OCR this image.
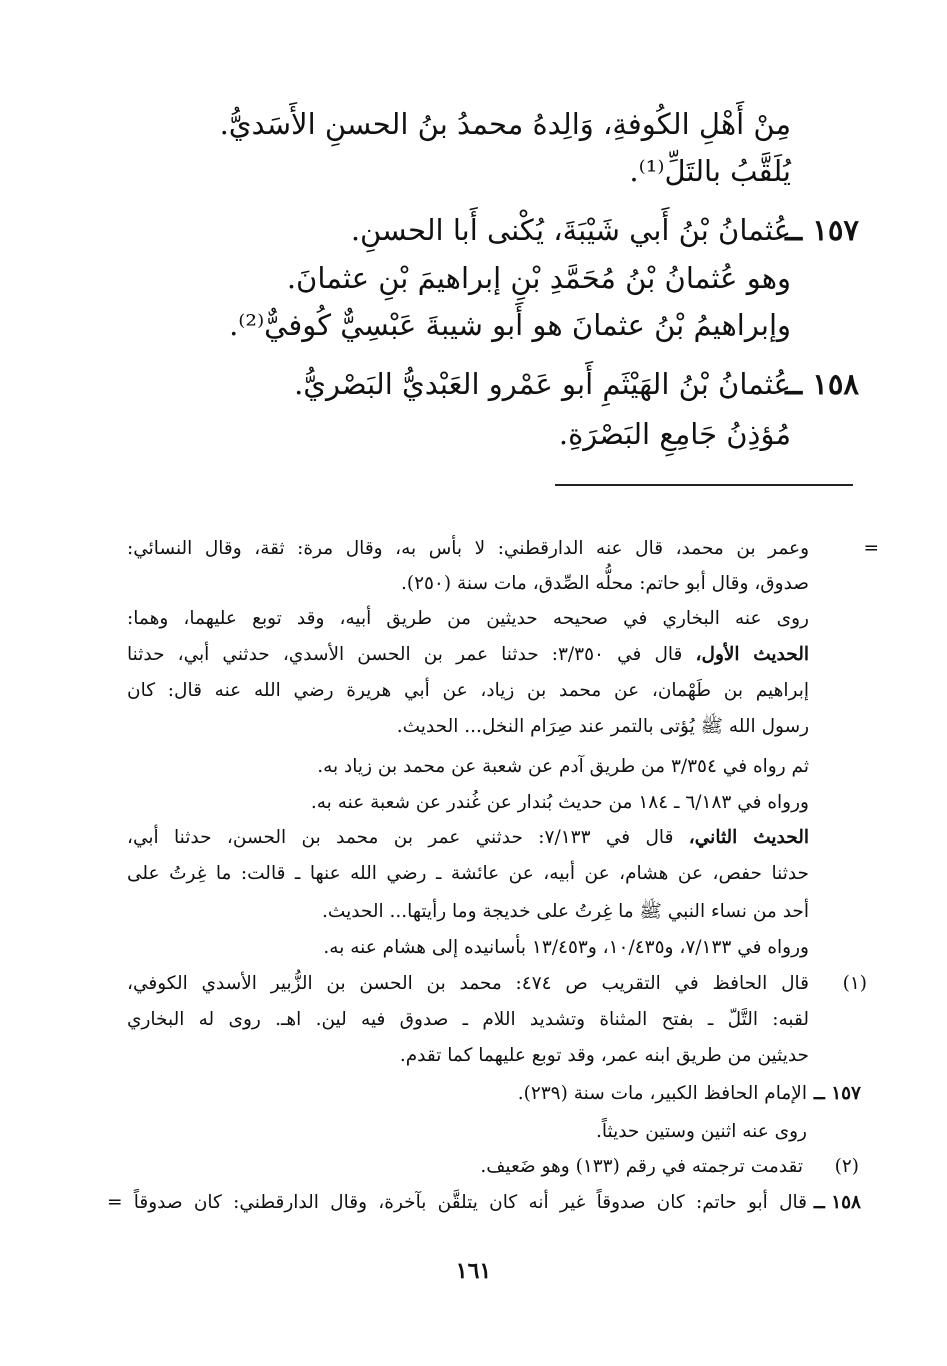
مِنْ أَهْلِ الكُوفةِ، وَالِدهُ محمدُ بنُ الحسنِ الأَسَديُّ.
يُلَقَّبُ بالتَلِّ⁽¹⁾.
١٥٧ ــ
عُثمانُ بْنُ أَبي شَيْبَةَ، يُكْنى أَبا الحسنِ.
وهو عُثمانُ بْنُ مُحَمَّدِ بْنِ إبراهيمَ بْنِ عثمانَ.
وإبراهيمُ بْنُ عثمانَ هو أَبو شيبةَ عَبْسِيٌّ كُوفيٌّ⁽²⁾.
١٥٨ ــ
عُثمانُ بْنُ الهَيْثَمِ أَبو عَمْرو العَبْديُّ البَصْريُّ.
مُؤذِنُ جَامِعِ البَصْرَةِ.
=
وعمر بن محمد، قال عنه الدارقطني: لا بأس به، وقال مرة: ثقة، وقال النسائي:
صدوق، وقال أبو حاتم: محلُّه الصِّدق، مات سنة (٢٥٠).
روى عنه البخاري في صحيحه حديثين من طريق أبيه، وقد توبع عليهما، وهما:
الحديث الأول، قال في ٣/٣٥٠: حدثنا عمر بن الحسن الأسدي، حدثني أبي، حدثنا
إبراهيم بن طَهْمان، عن محمد بن زياد، عن أبي هريرة رضي الله عنه قال: كان
رسول الله ﷺ يُؤتى بالتمر عند صِرَام النخل... الحديث.
ثم رواه في ٣/٣٥٤ من طريق آدم عن شعبة عن محمد بن زياد به.
ورواه في ٦/١٨٣ ـ ١٨٤ من حديث بُندار عن غُندر عن شعبة عنه به.
الحديث الثاني، قال في ٧/١٣٣: حدثني عمر بن محمد بن الحسن، حدثنا أبي،
حدثنا حفص، عن هشام، عن أبيه، عن عائشة ـ رضي الله عنها ـ قالت: ما غِرتُ على
أحد من نساء النبي ﷺ ما غِرتُ على خديجة وما رأيتها... الحديث.
ورواه في ٧/١٣٣، و١٠/٤٣٥، و١٣/٤٥٣ بأسانيده إلى هشام عنه به.
(١)
قال الحافظ في التقريب ص ٤٧٤: محمد بن الحسن بن الزُّبير الأسدي الكوفي،
لقبه: التَّلّ ـ بفتح المثناة وتشديد اللام ـ صدوق فيه لين. اهـ. روى له البخاري
حديثين من طريق ابنه عمر، وقد توبع عليهما كما تقدم.
١٥٧ ــ
الإمام الحافظ الكبير، مات سنة (٢٣٩).
روى عنه اثنين وستين حديثاً.
(٢)
تقدمت ترجمته في رقم (١٣٣) وهو ضَعيف.
١٥٨ ــ
قال أبو حاتم: كان صدوقاً غير أنه كان يتلقَّن بآخرة، وقال الدارقطني: كان صدوقاً =
١٦١
